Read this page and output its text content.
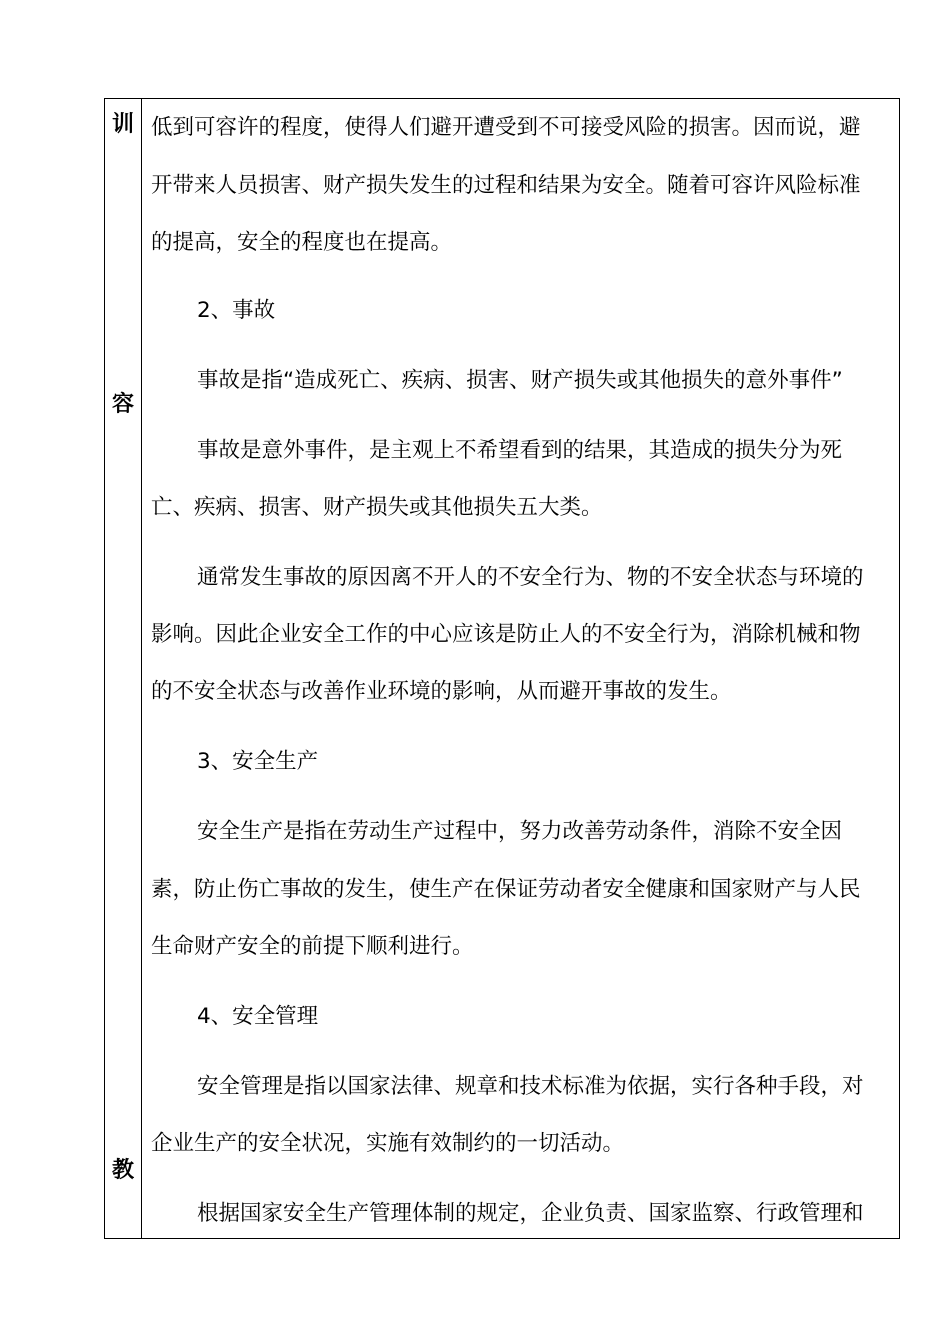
训
容
教
低到可容许的程度，使得人们避开遭受到不可接受风险的损害。因而说，避
开带来人员损害、财产损失发生的过程和结果为安全。随着可容许风险标准
的提高，安全的程度也在提高。
2、事故
事故是指“造成死亡、疾病、损害、财产损失或其他损失的意外事件”
事故是意外事件，是主观上不希望看到的结果，其造成的损失分为死
亡、疾病、损害、财产损失或其他损失五大类。
通常发生事故的原因离不开人的不安全行为、物的不安全状态与环境的
影响。因此企业安全工作的中心应该是防止人的不安全行为，消除机械和物
的不安全状态与改善作业环境的影响，从而避开事故的发生。
3、安全生产
安全生产是指在劳动生产过程中，努力改善劳动条件，消除不安全因
素，防止伤亡事故的发生，使生产在保证劳动者安全健康和国家财产与人民
生命财产安全的前提下顺利进行。
4、安全管理
安全管理是指以国家法律、规章和技术标准为依据，实行各种手段，对
企业生产的安全状况，实施有效制约的一切活动。
根据国家安全生产管理体制的规定，企业负责、国家监察、行政管理和
